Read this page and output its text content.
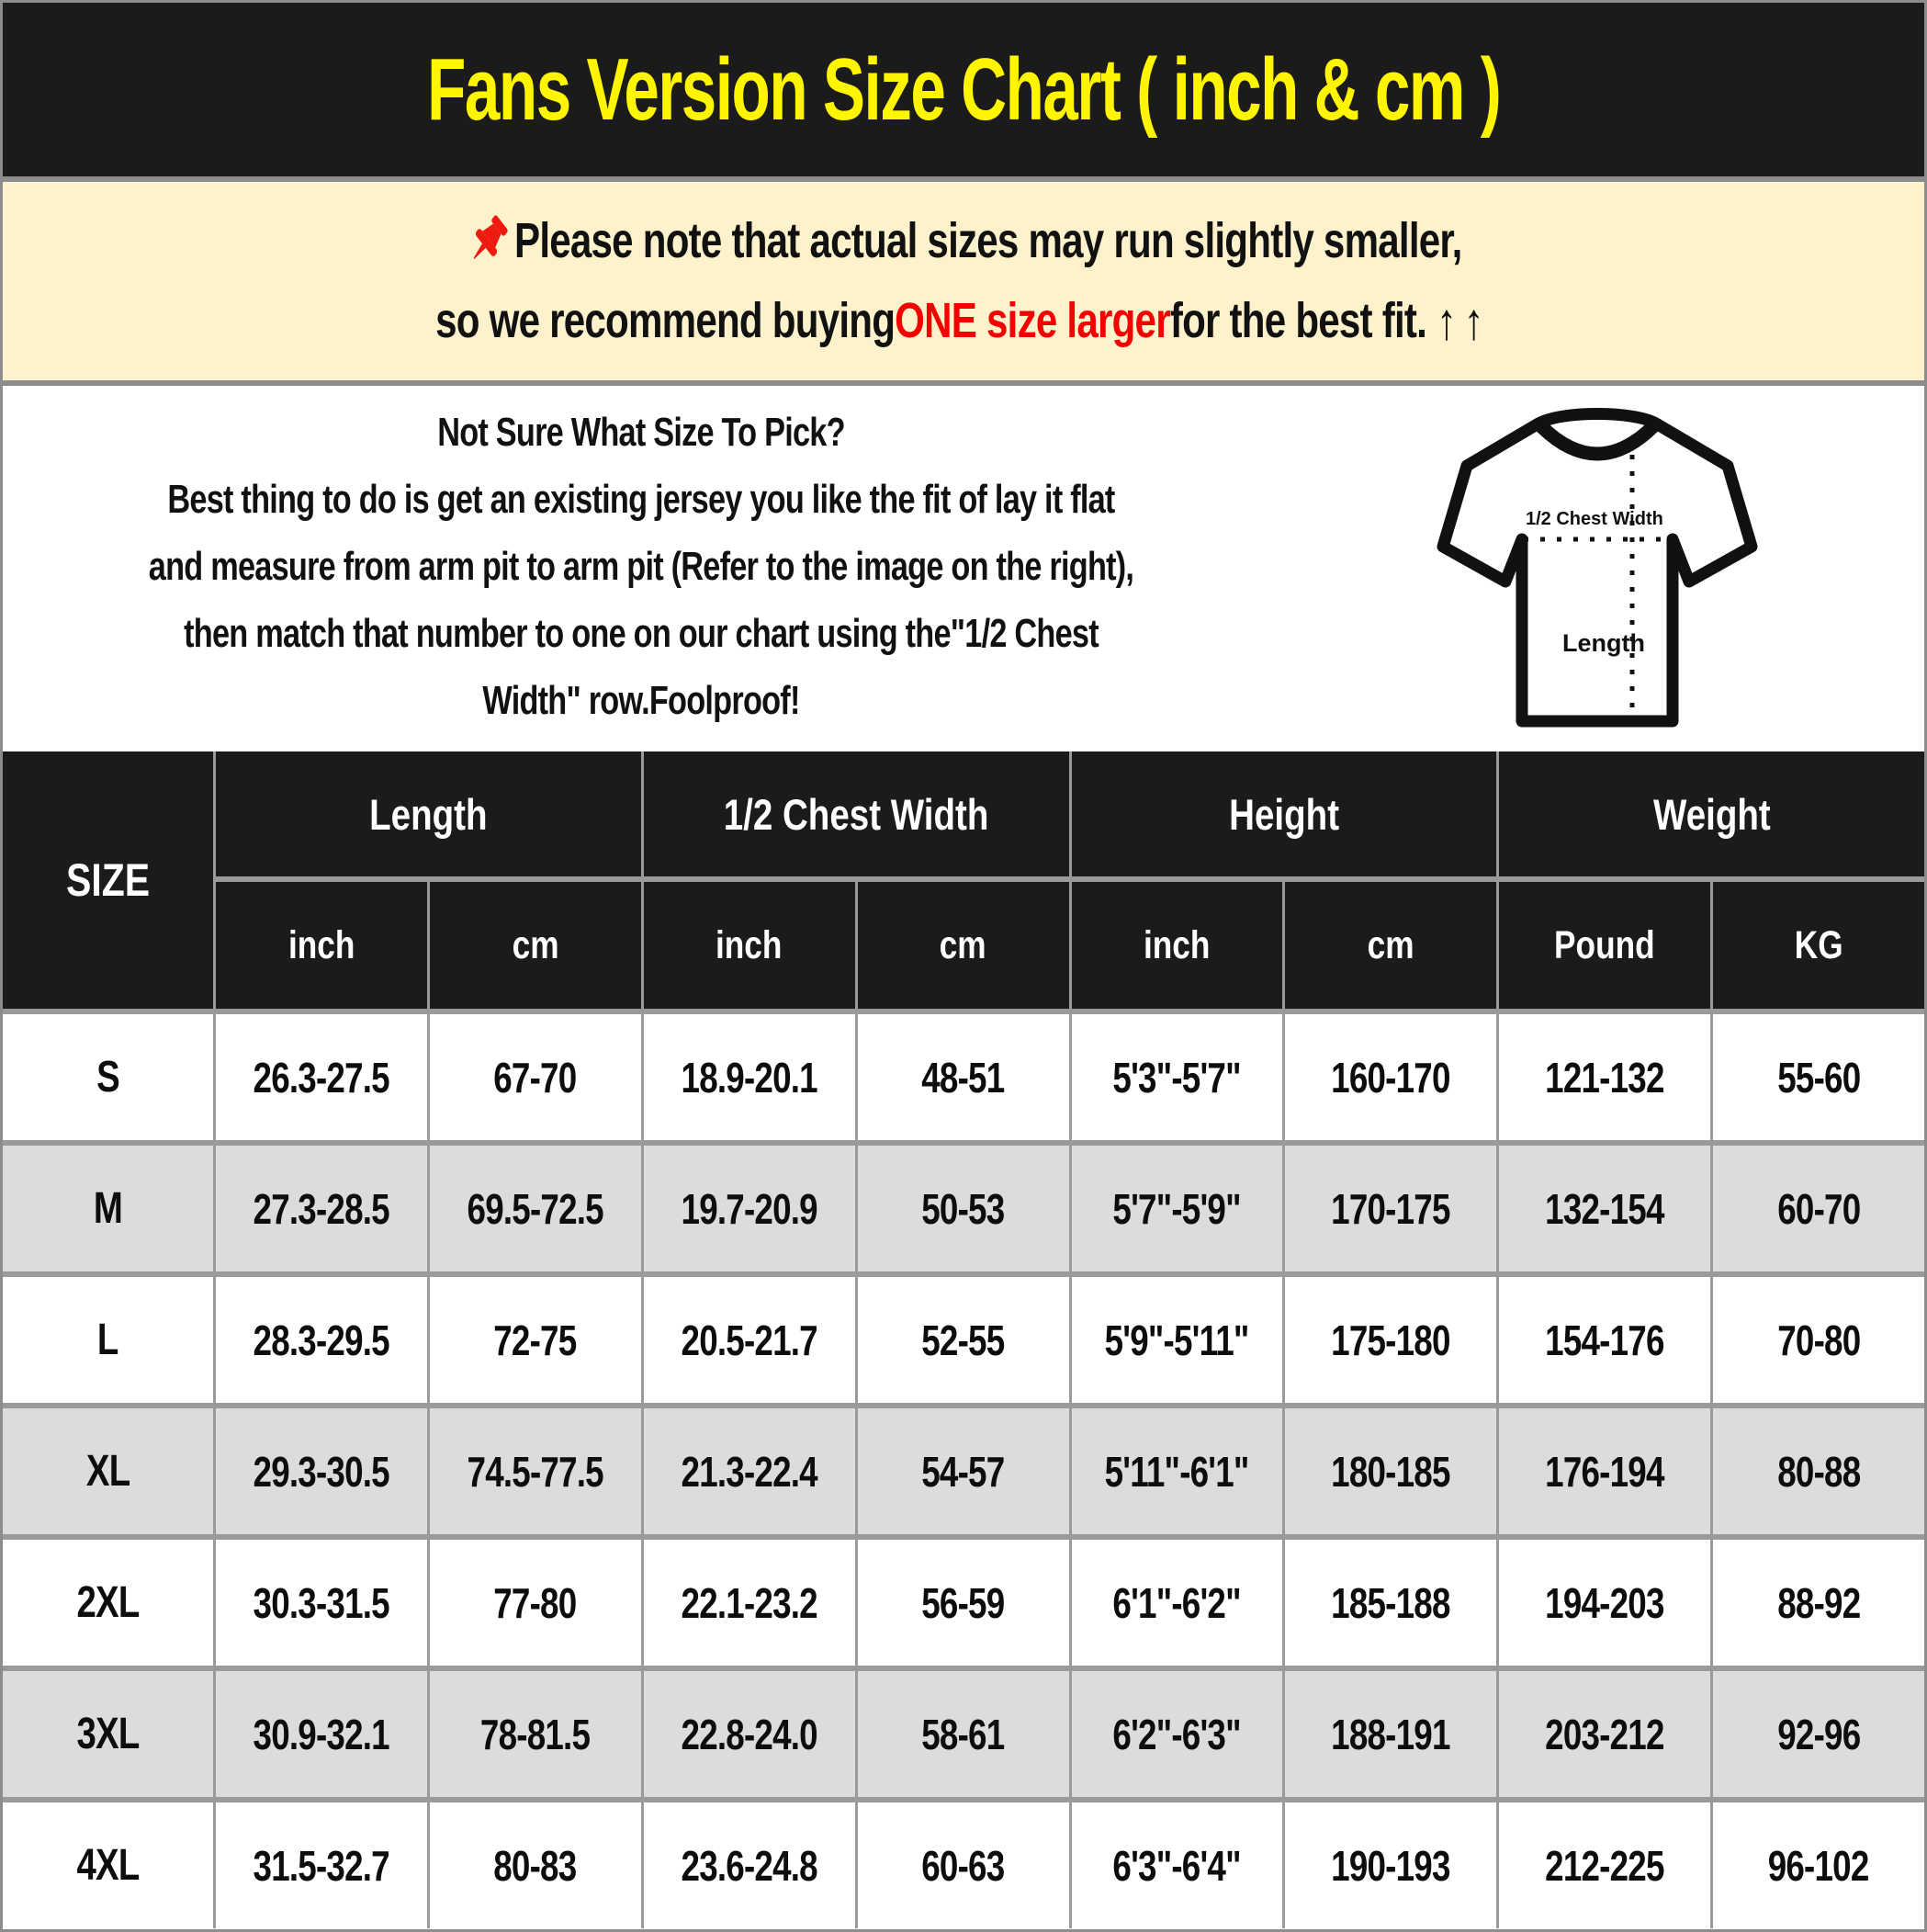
Fans Version Size Chart ( inch & cm )
Please note that actual sizes may run slightly smaller,
so we recommend buying ONE size larger for the best fit. ↑↑
Not Sure What Size To Pick?
Best thing to do is get an existing jersey you like the fit of lay it flat
and measure from arm pit to arm pit (Refer to the image on the right),
then match that number to one on our chart using the"1/2 Chest
Width" row.Foolproof!
1/2 Chest Width
Length
SIZE
Length	1/2 Chest Width	Height	Weight
inch	cm	inch	cm	inch	cm	Pound	KG
S	26.3-27.5 67-70 18.9-20.1 48-51	5'3"-5'7" 160-170 121-132	55-60
M	27.3-28.5 69.5-72.5 19.7-20.9 50-53	5'7"-5'9" 170-175 132-154	60-70
L	28.3-29.5 72-75 20.5-21.7 52-55 5'9"-5'11" 175-180 154-176	70-80
XL	29.3-30.5 74.5-77.5 21.3-22.4 54-57 5'11"-6'1" 180-185 176-194	80-88
2XL	30.3-31.5 77-80 22.1-23.2 56-59	6'1"-6'2" 185-188 194-203	88-92
3XL	30.9-32.1 78-81.5 22.8-24.0 58-61	6'2"-6'3" 188-191 203-212	92-96
4XL	31.5-32.7 80-83 23.6-24.8 60-63	6'3"-6'4" 190-193 212-225 96-102
